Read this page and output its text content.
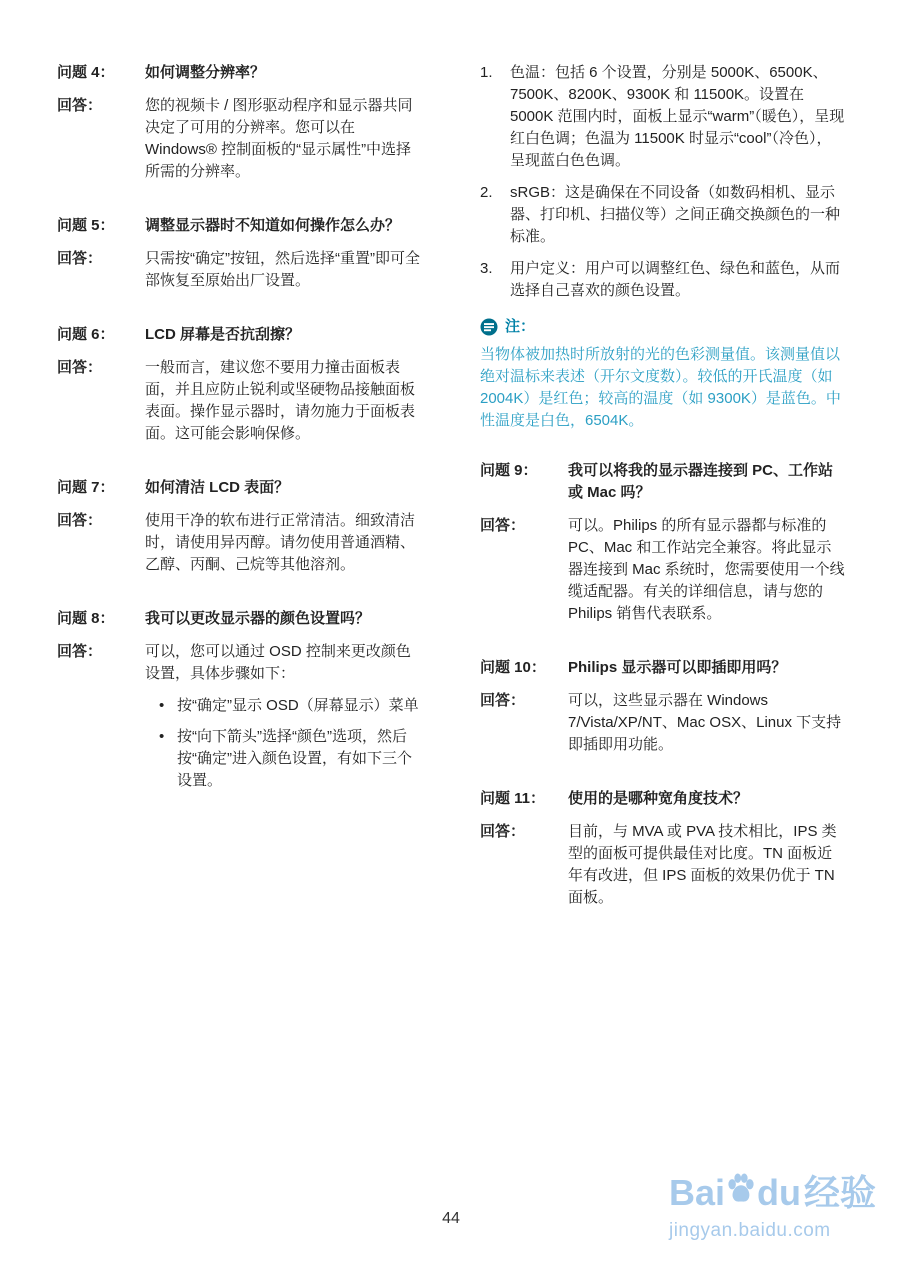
问题 4：	如何调整分辨率？
回答：	您的视频卡 / 图形驱动程序和显示器共同决定了可用的分辨率。您可以在 Windows® 控制面板的“显示属性”中选择所需的分辨率。
问题 5：	调整显示器时不知道如何操作怎么办？
回答：	只需按“确定”按钮，然后选择“重置”即可全部恢复至原始出厂设置。
问题 6：	LCD 屏幕是否抗刮擦？
回答：	一般而言，建议您不要用力撞击面板表面，并且应防止锐利或坚硬物品接触面板表面。操作显示器时，请勿施力于面板表面。这可能会影响保修。
问题 7：	如何清洁 LCD 表面？
回答：	使用干净的软布进行正常清洁。细致清洁时，请使用异丙醇。请勿使用普通酒精、乙醇、丙酮、己烷等其他溶剂。
问题 8：	我可以更改显示器的颜色设置吗？
回答：	可以，您可以通过 OSD 控制来更改颜色设置，具体步骤如下：
• 按“确定”显示 OSD（屏幕显示）菜单
• 按“向下箭头”选择“颜色”选项，然后按“确定”进入颜色设置，有如下三个设置。
1.	色温：包括 6 个设置，分别是 5000K、6500K、7500K、8200K、9300K 和 11500K。设置在 5000K 范围内时，面板上显示“warm”（暖色），呈现红白色调；色温为 11500K 时显示“cool”（冷色），呈现蓝白色色调。
2.	sRGB：这是确保在不同设备（如数码相机、显示器、打印机、扫描仪等）之间正确交换颜色的一种标准。
3.	用户定义：用户可以调整红色、绿色和蓝色，从而选择自己喜欢的颜色设置。
注：

当物体被加热时所放射的光的色彩测量值。该测量值以绝对温标来表述（开尔文度数）。较低的开氏温度（如 2004K）是红色；较高的温度（如 9300K）是蓝色。中性温度是白色，6504K。

问题 9：	我可以将我的显示器连接到 PC、工作站或 Mac 吗？
回答：	可以。Philips 的所有显示器都与标准的 PC、Mac 和工作站完全兼容。将此显示器连接到 Mac 系统时，您需要使用一个线缆适配器。有关的详细信息，请与您的 Philips 销售代表联系。
问题 10：	Philips 显示器可以即插即用吗？
回答：	可以，这些显示器在 Windows 7/Vista/XP/NT、Mac OSX、Linux 下支持即插即用功能。
问题 11：	使用的是哪种宽角度技术？
回答：	目前，与 MVA 或 PVA 技术相比，IPS 类型的面板可提供最佳对比度。TN 面板近年有改进，但 IPS 面板的效果仍优于 TN 面板。
44
Bai du 经验
jingyan.baidu.com
